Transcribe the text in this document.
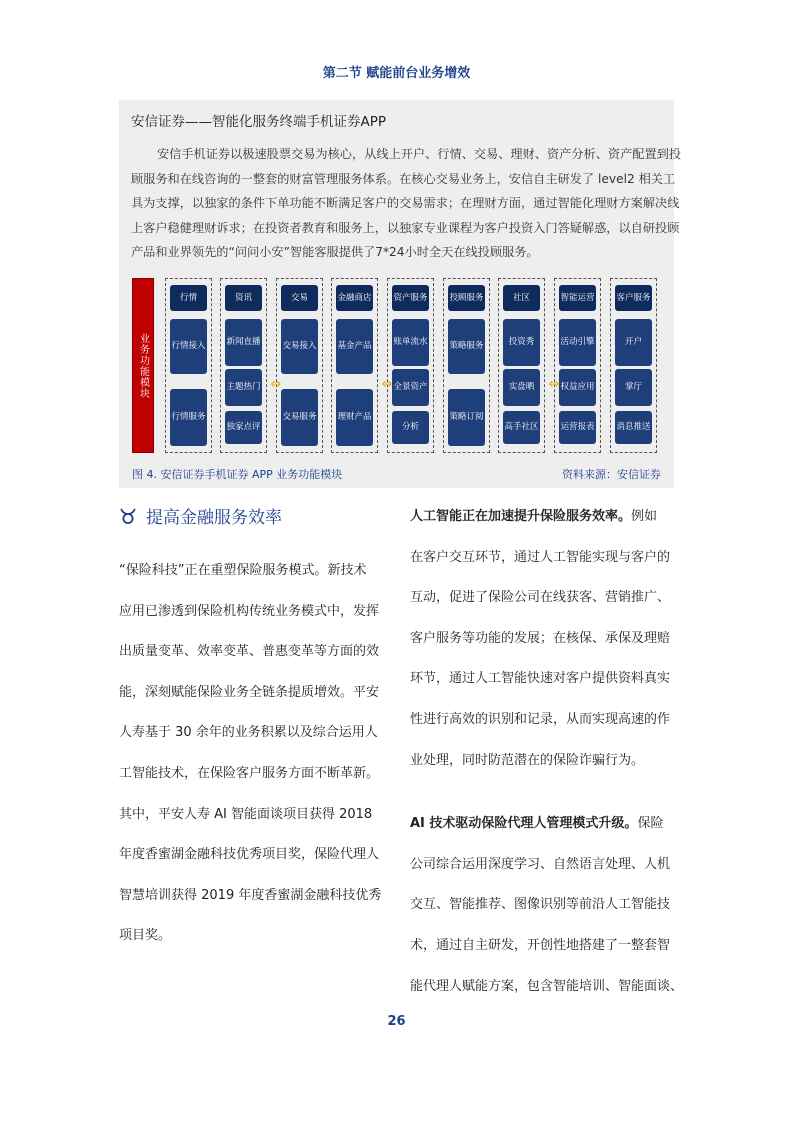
第二节 赋能前台业务增效
安信证券——智能化服务终端手机证券APP
安信手机证券以极速股票交易为核心，从线上开户、行情、交易、理财、资产分析、资产配置到投
顾服务和在线咨询的一整套的财富管理服务体系。在核心交易业务上，安信自主研发了 level2 相关工
具为支撑，以独家的条件下单功能不断满足客户的交易需求；在理财方面，通过智能化理财方案解决线
上客户稳健理财诉求；在投资者教育和服务上，以独家专业课程为客户投资入门答疑解惑，以自研投顾
产品和业界领先的“问问小安”智能客服提供了7*24小时全天在线投顾服务。
业务功能模块
行情
行情接入
行情服务
资讯
新闻直播
主题热门
独家点评
交易
交易接入
交易服务
金融商店
基金产品
理财产品
资产服务
账单流水
全景资产
分析
投顾服务
策略服务
策略订阅
社区
投资秀
实盘晒
高手社区
智能运营
活动引擎
权益应用
运营报表
客户服务
开户
掌厅
消息推送
⇔	⇔	⇔
图 4. 安信证券手机证券 APP 业务功能模块	资料来源：安信证券
提高金融服务效率
“保险科技”正在重塑保险服务模式。新技术
应用已渗透到保险机构传统业务模式中，发挥
出质量变革、效率变革、普惠变革等方面的效
能，深刻赋能保险业务全链条提质增效。平安
人寿基于 30 余年的业务积累以及综合运用人
工智能技术，在保险客户服务方面不断革新。
其中，平安人寿 AI 智能面谈项目获得 2018
年度香蜜湖金融科技优秀项目奖，保险代理人
智慧培训获得 2019 年度香蜜湖金融科技优秀
项目奖。
人工智能正在加速提升保险服务效率。例如
在客户交互环节，通过人工智能实现与客户的
互动，促进了保险公司在线获客、营销推广、
客户服务等功能的发展；在核保、承保及理赔
环节，通过人工智能快速对客户提供资料真实
性进行高效的识别和记录，从而实现高速的作
业处理，同时防范潜在的保险诈骗行为。
AI 技术驱动保险代理人管理模式升级。保险
公司综合运用深度学习、自然语言处理、人机
交互、智能推荐、图像识别等前沿人工智能技
术，通过自主研发，开创性地搭建了一整套智
能代理人赋能方案，包含智能培训、智能面谈、
26
